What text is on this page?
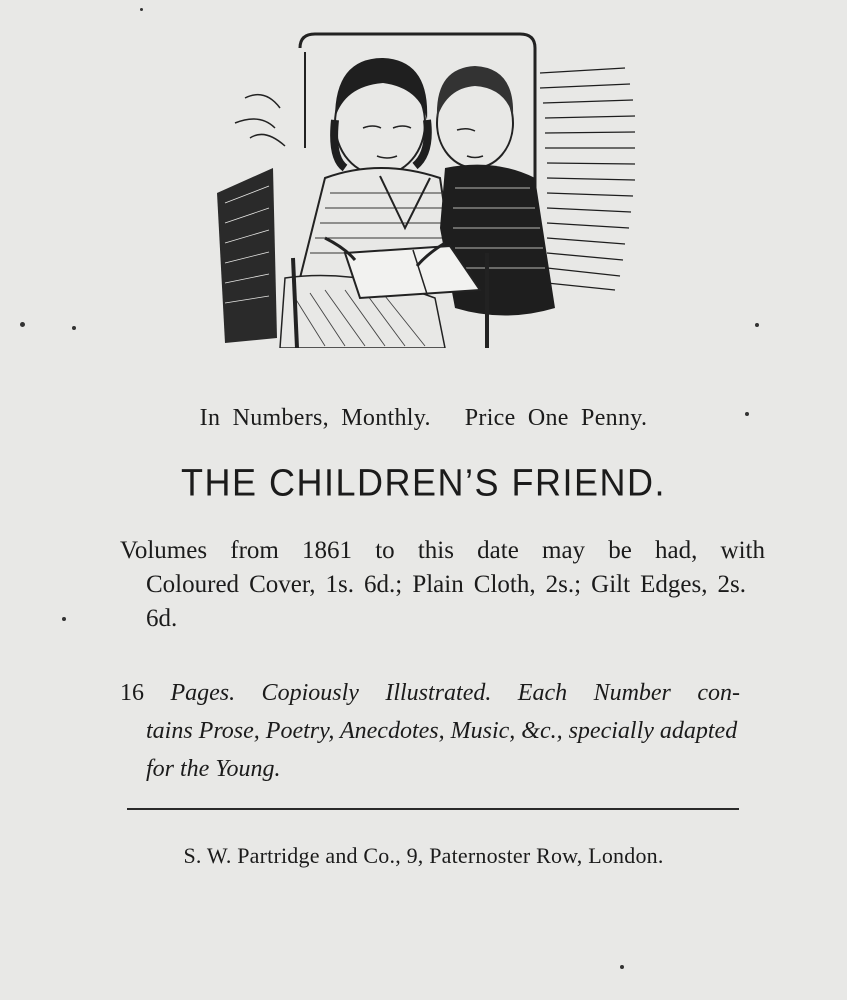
In Numbers, Monthly. Price One Penny.
THE CHILDREN’S FRIEND.
Volumes from 1861 to this date may be had, with
Coloured Cover, 1s. 6d.; Plain Cloth, 2s.; Gilt Edges, 2s. 6d.
16 Pages. Copiously Illustrated. Each Number con-
tains Prose, Poetry, Anecdotes, Music, &c., specially adapted for the Young.
S. W. Partridge and Co., 9, Paternoster Row, London.
